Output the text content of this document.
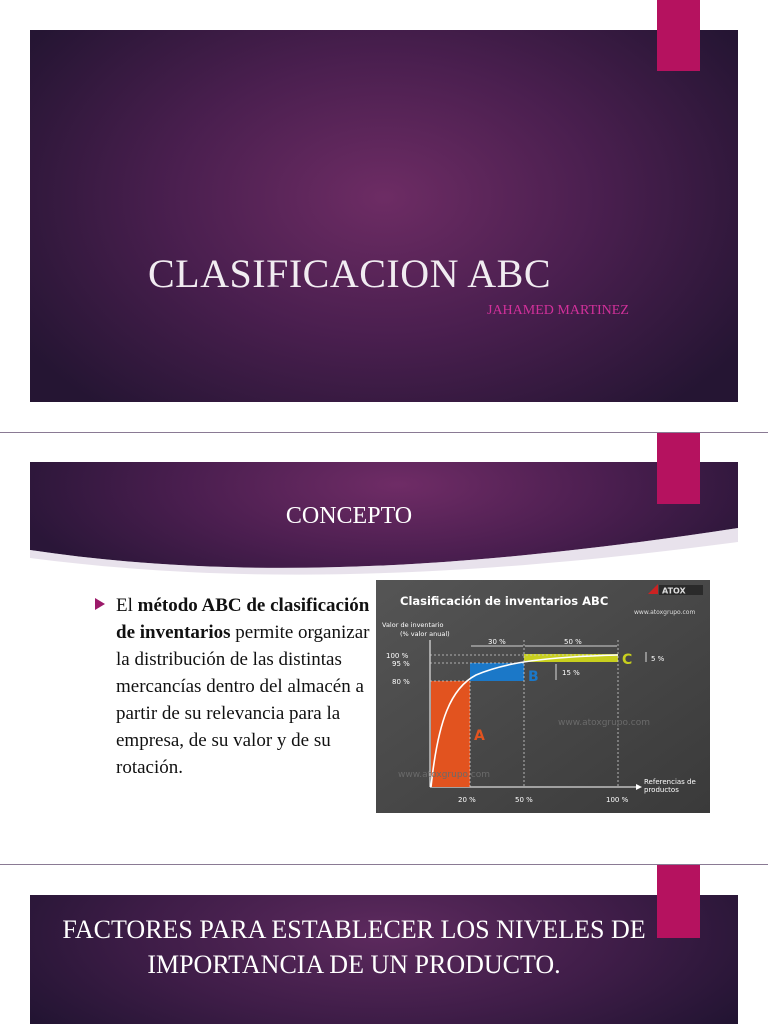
CLASIFICACION ABC
JAHAMED MARTINEZ
CONCEPTO
El método ABC de clasificación de inventarios permite organizar la distribución de las distintas mercancías dentro del almacén a partir de su relevancia para la empresa, de su valor y de su rotación.
Clasificación de inventarios ABC
ATOX
www.atoxgrupo.com
Valor de inventario
(% valor anual)
100 %
95 %
80 %
20 %	50 %	100 %
Referencias de
productos
30 %	50 %
15 %
5 %
A
B
C
www.atoxgrupo.com
www.atoxgrupo.com
FACTORES PARA ESTABLECER LOS NIVELES DE IMPORTANCIA DE UN PRODUCTO.
